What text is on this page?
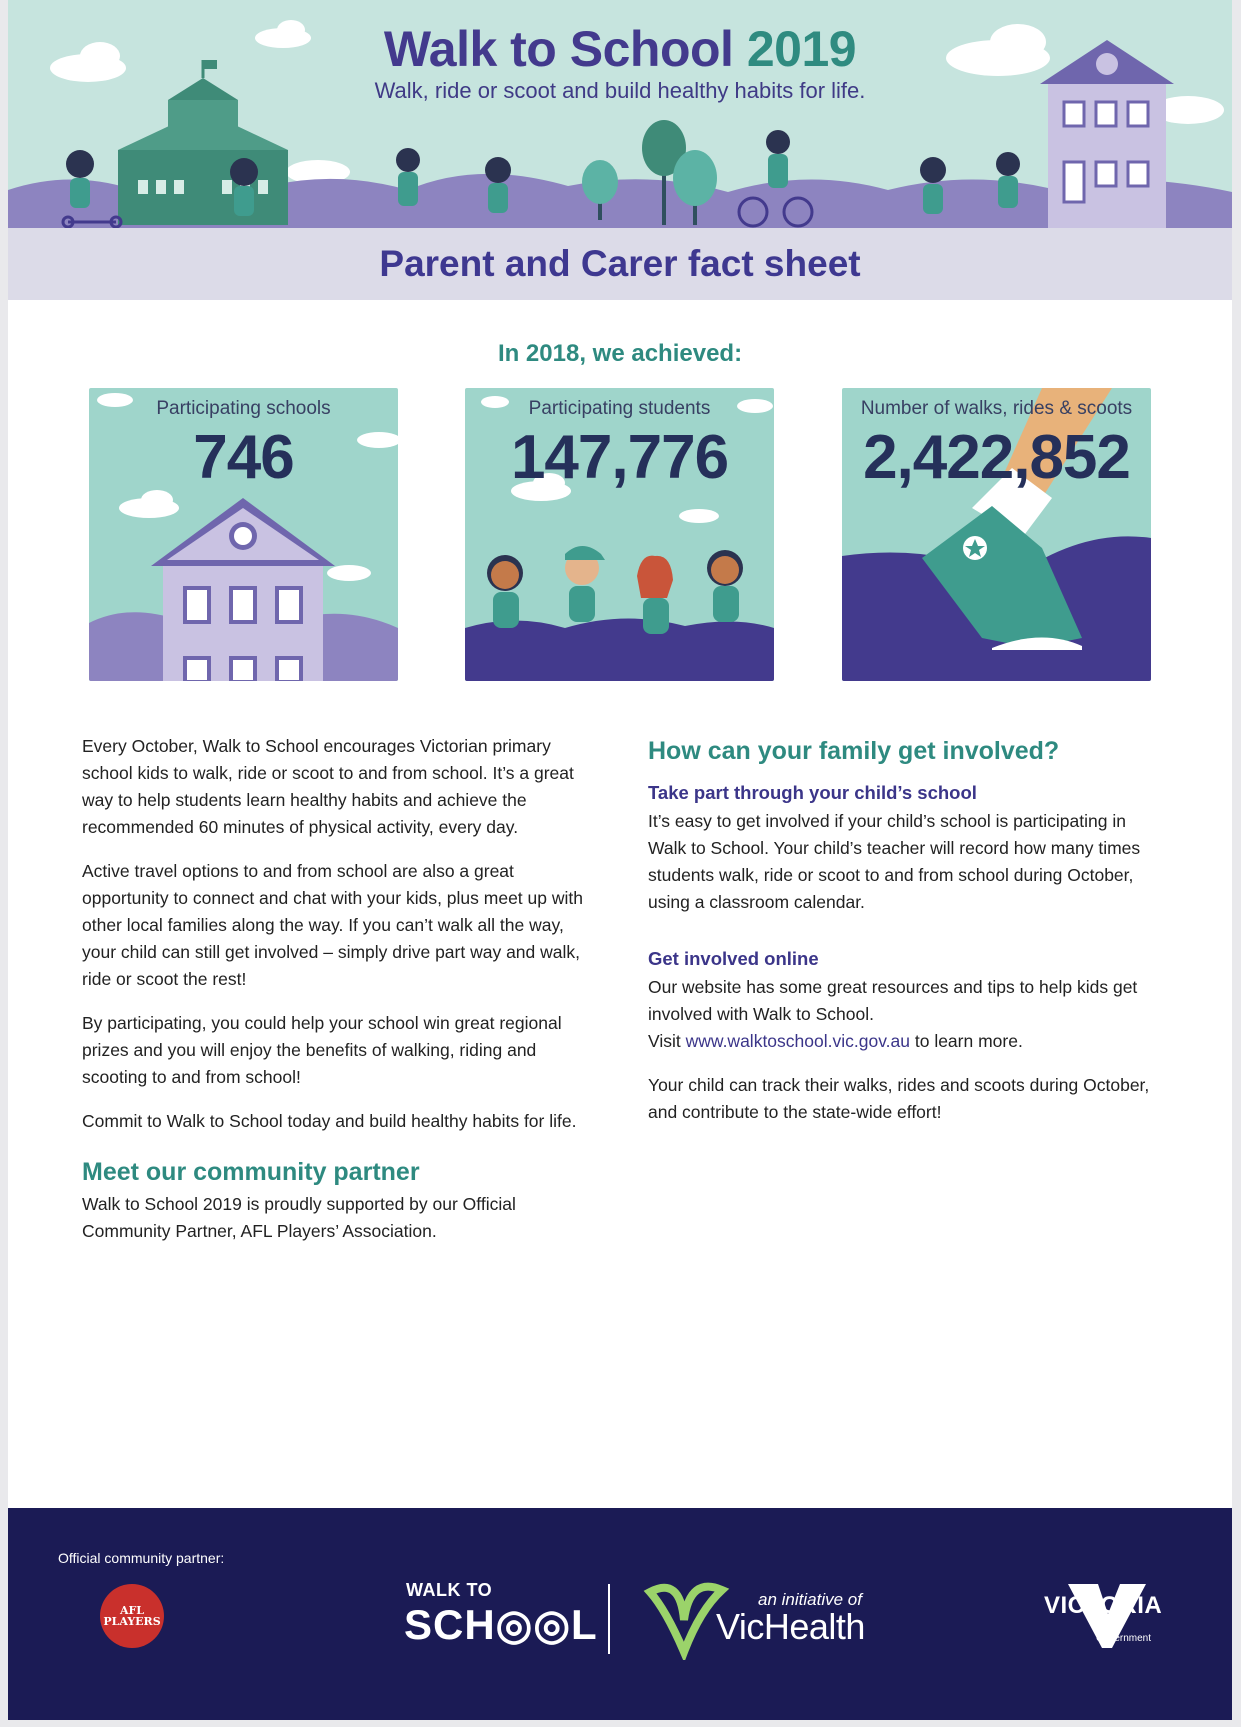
Walk to School 2019
Walk, ride or scoot and build healthy habits for life.
Parent and Carer fact sheet
In 2018, we achieved:
Participating schools
746
Participating students
147,776
Number of walks, rides & scoots
2,422,852

Every October, Walk to School encourages Victorian primary school kids to walk, ride or scoot to and from school. It’s a great way to help students learn healthy habits and achieve the recommended 60 minutes of physical activity, every day.

Active travel options to and from school are also a great opportunity to connect and chat with your kids, plus meet up with other local families along the way. If you can’t walk all the way, your child can still get involved – simply drive part way and walk, ride or scoot the rest!

By participating, you could help your school win great regional prizes and you will enjoy the benefits of walking, riding and scooting to and from school!

Commit to Walk to School today and build healthy habits for life.

Meet our community partner

Walk to School 2019 is proudly supported by our Official Community Partner, AFL Players’ Association.

How can your family get involved?
Take part through your child’s school

It’s easy to get involved if your child’s school is participating in Walk to School. Your child’s teacher will record how many times students walk, ride or scoot to and from school during October, using a classroom calendar.

Get involved online

Our website has some great resources and tips to help kids get involved with Walk to School.

Visit www.walktoschool.vic.gov.au to learn more.

Your child can track their walks, rides and scoots during October, and contribute to the state-wide effort!

Official community partner:
AFL PLAYERS
WALK TO
SCH◎◎L
an initiative of
VicHealth
VICTORIA
State Government
